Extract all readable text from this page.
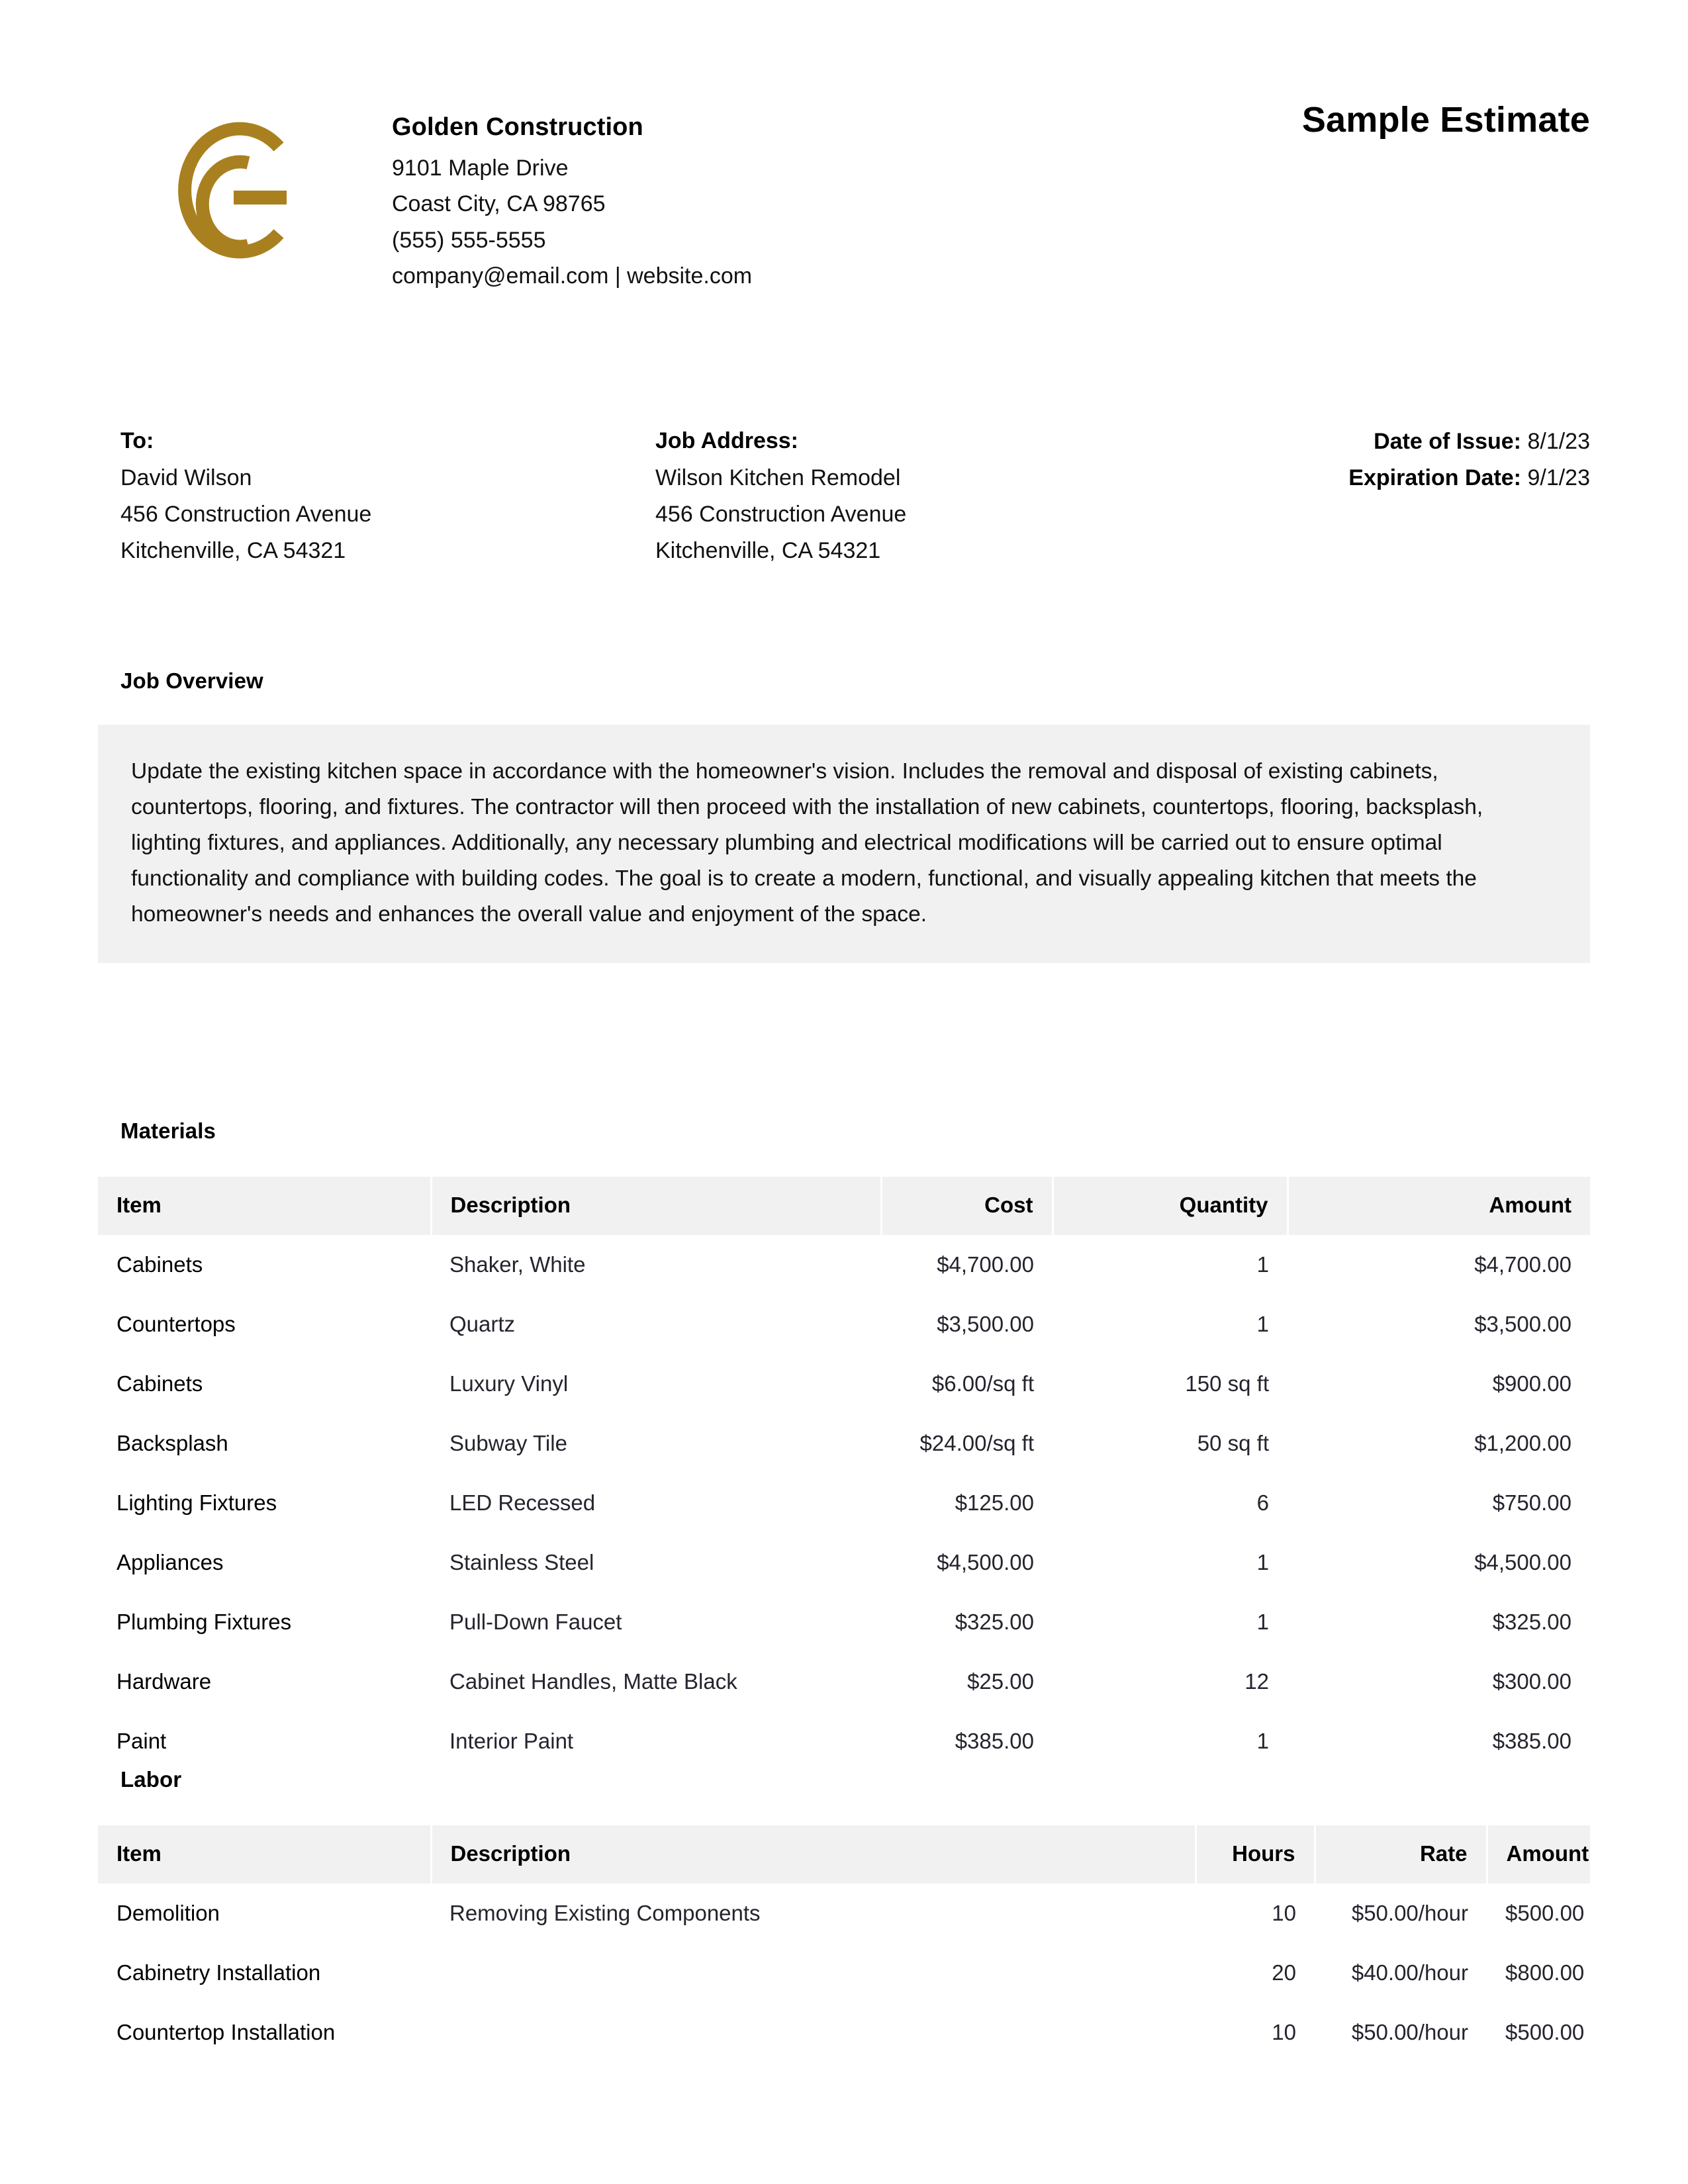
Golden Construction
9101 Maple Drive
Coast City, CA 98765
(555) 555-5555
company@email.com | website.com
Sample Estimate
To:
David Wilson
456 Construction Avenue
Kitchenville, CA 54321
Job Address:
Wilson Kitchen Remodel
456 Construction Avenue
Kitchenville, CA 54321
Date of Issue: 8/1/23
Expiration Date: 9/1/23
Job Overview

Update the existing kitchen space in accordance with the homeowner's vision. Includes the removal and disposal of existing cabinets, countertops, flooring, and fixtures. The contractor will then proceed with the installation of new cabinets, countertops, flooring, backsplash, lighting fixtures, and appliances. Additionally, any necessary plumbing and electrical modifications will be carried out to ensure optimal functionality and compliance with building codes. The goal is to create a modern, functional, and visually appealing kitchen that meets the homeowner's needs and enhances the overall value and enjoyment of the space.

Materials
Item	Description	Cost	Quantity	Amount
Cabinets	Shaker, White	$4,700.00	1	$4,700.00
Countertops	Quartz	$3,500.00	1	$3,500.00
Cabinets	Luxury Vinyl	$6.00/sq ft	150 sq ft	$900.00
Backsplash	Subway Tile	$24.00/sq ft	50 sq ft	$1,200.00
Lighting Fixtures	LED Recessed	$125.00	6	$750.00
Appliances	Stainless Steel	$4,500.00	1	$4,500.00
Plumbing Fixtures	Pull-Down Faucet	$325.00	1	$325.00
Hardware	Cabinet Handles, Matte Black	$25.00	12	$300.00
Paint	Interior Paint	$385.00	1	$385.00
Labor
Item	Description	Hours	Rate	Amount
Demolition	Removing Existing Components	10	$50.00/hour	$500.00
Cabinetry Installation		20	$40.00/hour	$800.00
Countertop Installation		10	$50.00/hour	$500.00
